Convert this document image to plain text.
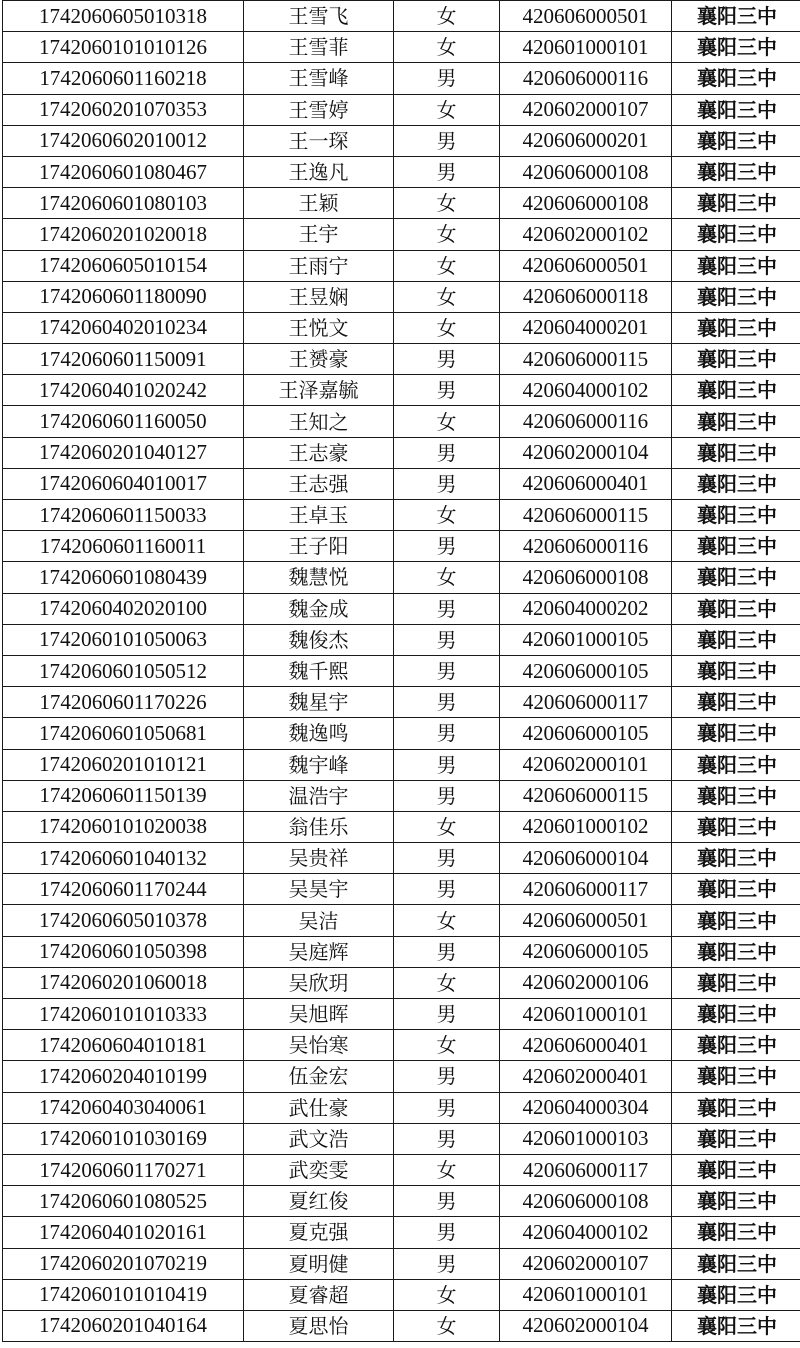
1742060605010318	王雪飞	女	420606000501	襄阳三中
1742060101010126	王雪菲	女	420601000101	襄阳三中
1742060601160218	王雪峰	男	420606000116	襄阳三中
1742060201070353	王雪婷	女	420602000107	襄阳三中
1742060602010012	王一琛	男	420606000201	襄阳三中
1742060601080467	王逸凡	男	420606000108	襄阳三中
1742060601080103	王颖	女	420606000108	襄阳三中
1742060201020018	王宇	女	420602000102	襄阳三中
1742060605010154	王雨宁	女	420606000501	襄阳三中
1742060601180090	王昱娴	女	420606000118	襄阳三中
1742060402010234	王悦文	女	420604000201	襄阳三中
1742060601150091	王赟豪	男	420606000115	襄阳三中
1742060401020242	王泽嘉毓	男	420604000102	襄阳三中
1742060601160050	王知之	女	420606000116	襄阳三中
1742060201040127	王志豪	男	420602000104	襄阳三中
1742060604010017	王志强	男	420606000401	襄阳三中
1742060601150033	王卓玉	女	420606000115	襄阳三中
1742060601160011	王子阳	男	420606000116	襄阳三中
1742060601080439	魏慧悦	女	420606000108	襄阳三中
1742060402020100	魏金成	男	420604000202	襄阳三中
1742060101050063	魏俊杰	男	420601000105	襄阳三中
1742060601050512	魏千熙	男	420606000105	襄阳三中
1742060601170226	魏星宇	男	420606000117	襄阳三中
1742060601050681	魏逸鸣	男	420606000105	襄阳三中
1742060201010121	魏宇峰	男	420602000101	襄阳三中
1742060601150139	温浩宇	男	420606000115	襄阳三中
1742060101020038	翁佳乐	女	420601000102	襄阳三中
1742060601040132	吴贵祥	男	420606000104	襄阳三中
1742060601170244	吴昊宇	男	420606000117	襄阳三中
1742060605010378	吴洁	女	420606000501	襄阳三中
1742060601050398	吴庭辉	男	420606000105	襄阳三中
1742060201060018	吴欣玥	女	420602000106	襄阳三中
1742060101010333	吴旭晖	男	420601000101	襄阳三中
1742060604010181	吴怡寒	女	420606000401	襄阳三中
1742060204010199	伍金宏	男	420602000401	襄阳三中
1742060403040061	武仕豪	男	420604000304	襄阳三中
1742060101030169	武文浩	男	420601000103	襄阳三中
1742060601170271	武奕雯	女	420606000117	襄阳三中
1742060601080525	夏红俊	男	420606000108	襄阳三中
1742060401020161	夏克强	男	420604000102	襄阳三中
1742060201070219	夏明健	男	420602000107	襄阳三中
1742060101010419	夏睿超	女	420601000101	襄阳三中
1742060201040164	夏思怡	女	420602000104	襄阳三中
